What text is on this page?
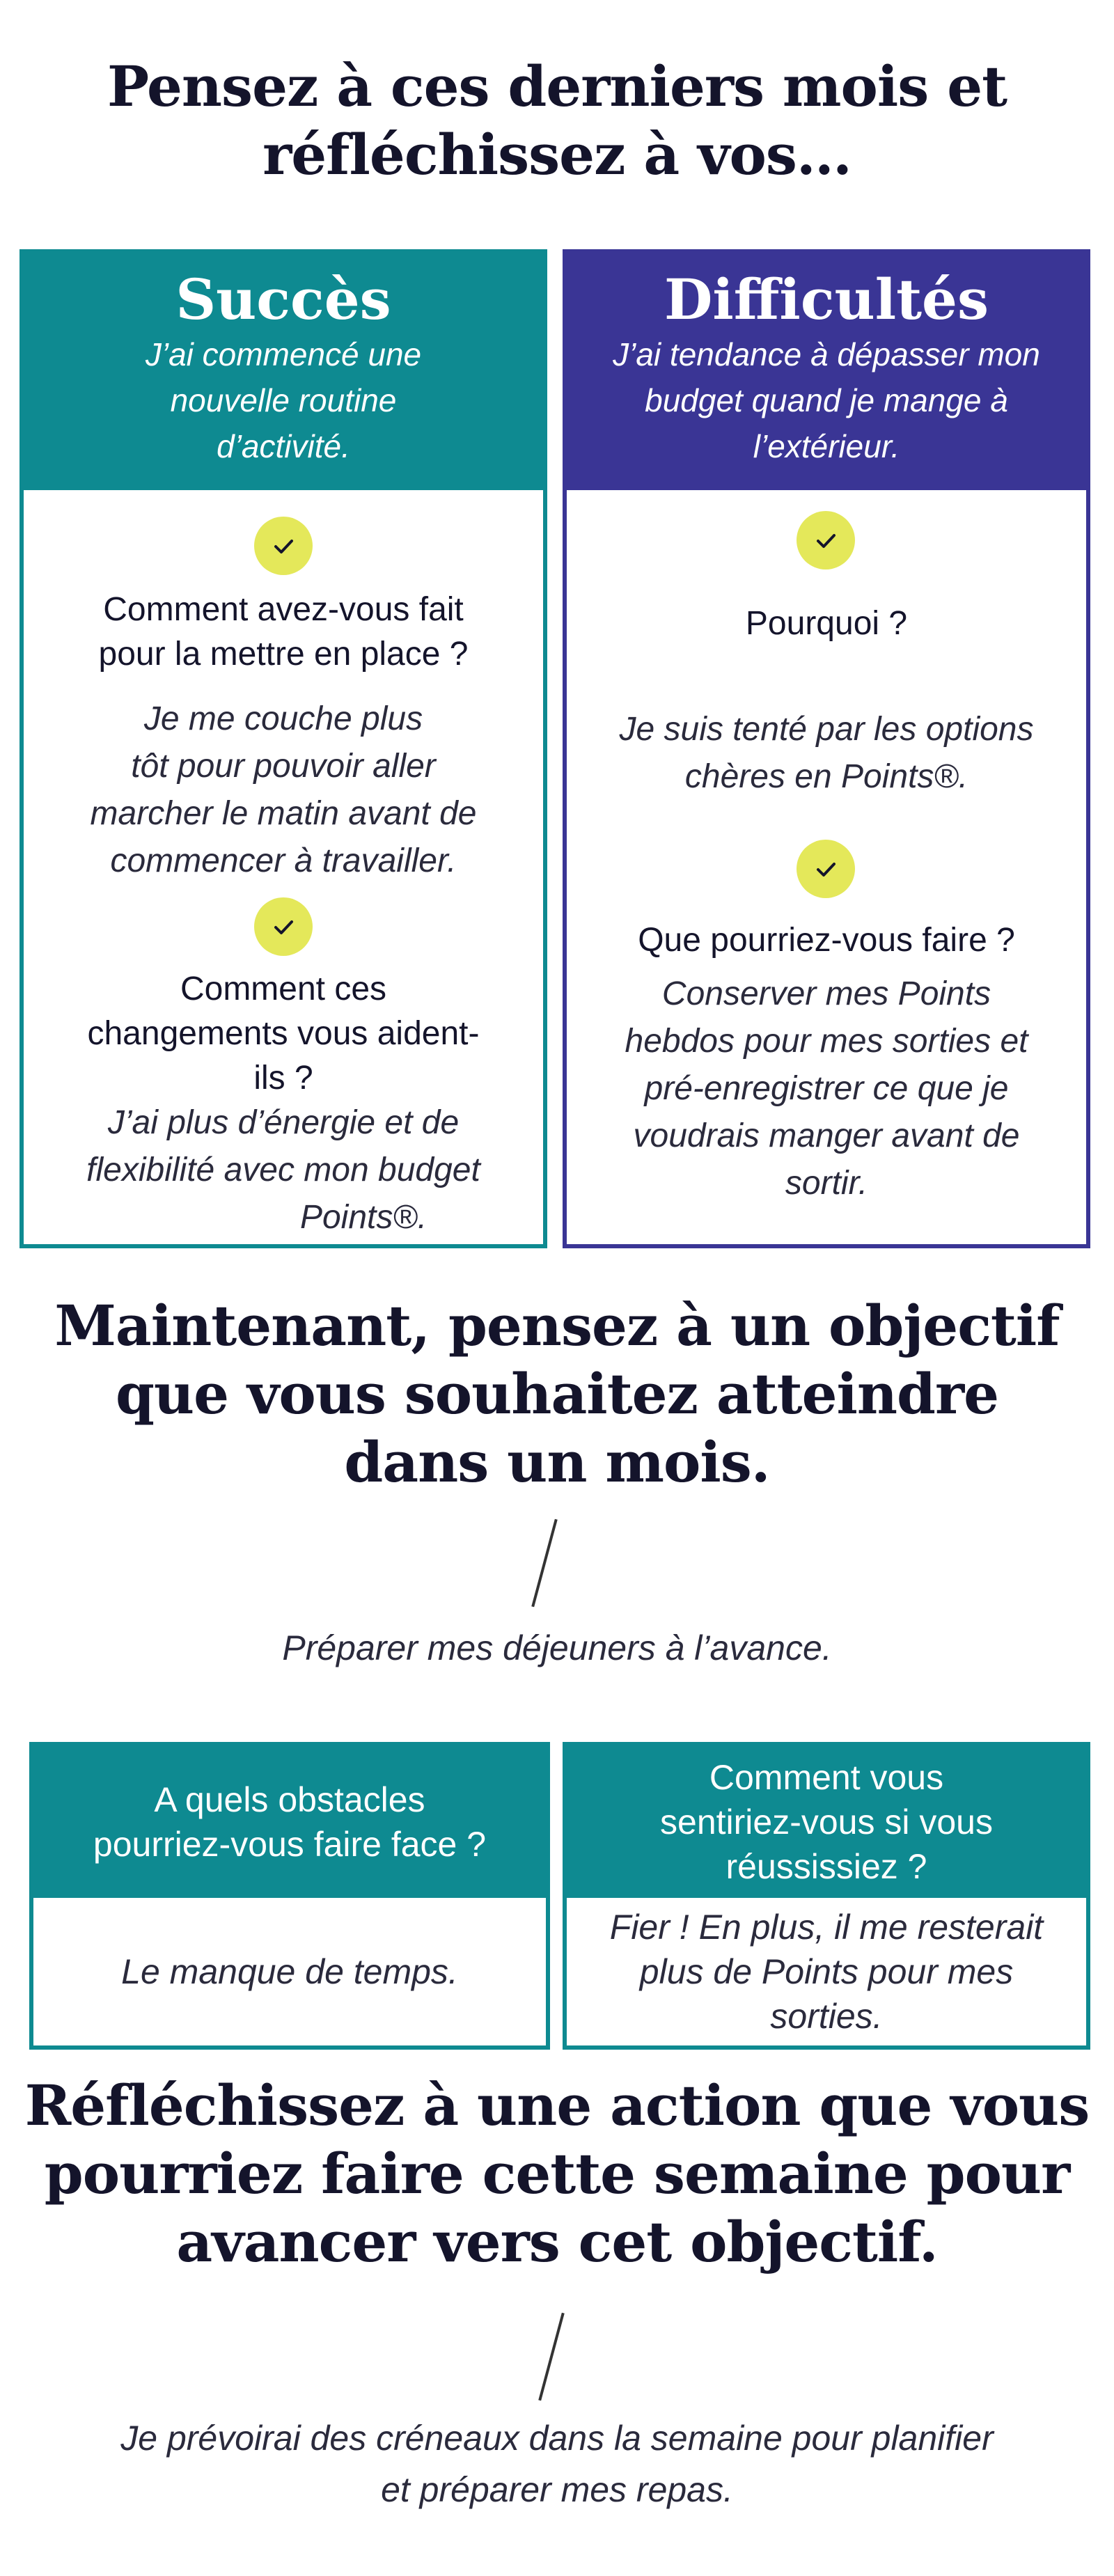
Pensez à ces derniers mois et
réfléchissez à vos…
Succès
J’ai commencé une
nouvelle routine
d’activité.
Comment avez-vous fait
pour la mettre en place ?
Je me couche plus
tôt pour pouvoir aller
marcher le matin avant de
commencer à travailler.
Comment ces
changements vous aident-
ils ?
J’ai plus d’énergie et de
flexibilité avec mon budget
Points®.
Difficultés
J’ai tendance à dépasser mon
budget quand je mange à
l’extérieur.
Pourquoi ?
Je suis tenté par les options
chères en Points®.
Que pourriez-vous faire ?
Conserver mes Points
hebdos pour mes sorties et
pré-enregistrer ce que je
voudrais manger avant de
sortir.
Maintenant, pensez à un objectif
que vous souhaitez atteindre
dans un mois.
Préparer mes déjeuners à l’avance.
A quels obstacles
pourriez-vous faire face ?
Le manque de temps.
Comment vous
sentiriez-vous si vous
réussissiez ?
Fier ! En plus, il me resterait
plus de Points pour mes
sorties.
Réfléchissez à une action que vous
pourriez faire cette semaine pour
avancer vers cet objectif.
Je prévoirai des créneaux dans la semaine pour planifier
et préparer mes repas.
